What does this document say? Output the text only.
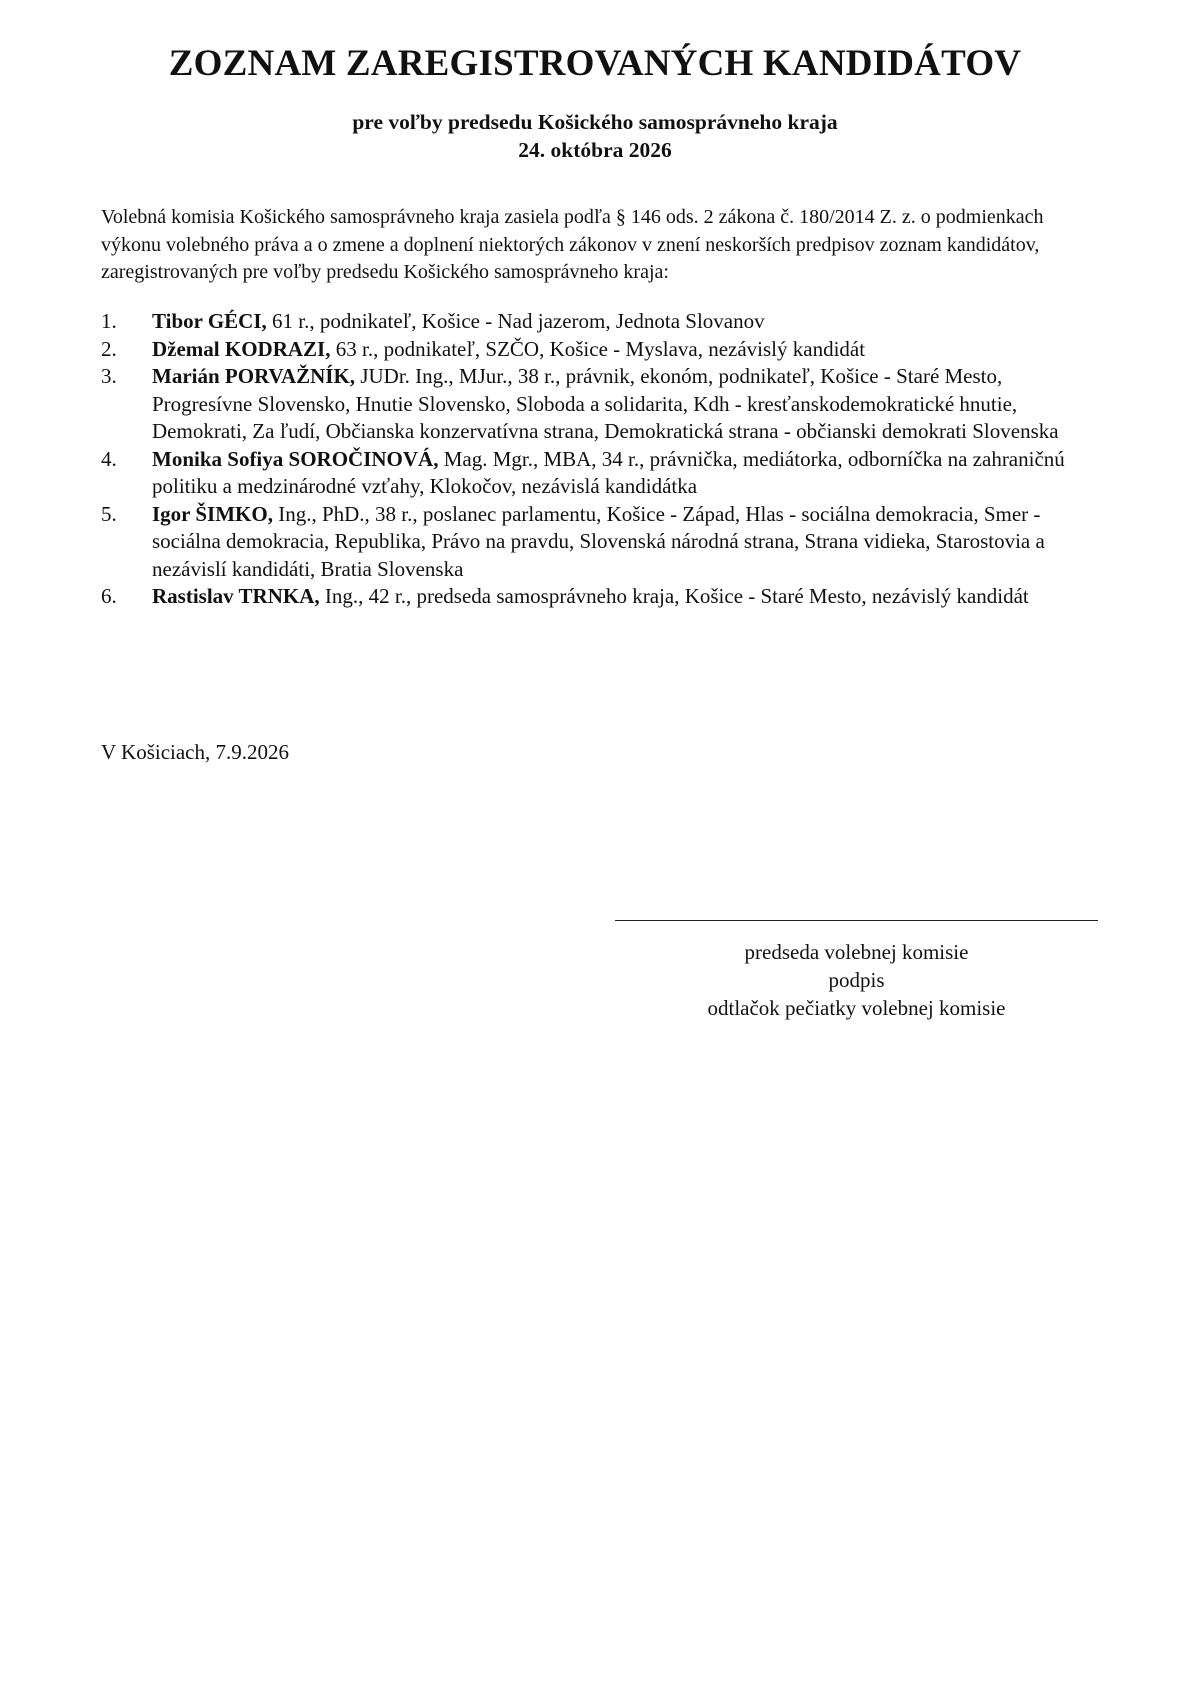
ZOZNAM ZAREGISTROVANÝCH KANDIDÁTOV
pre voľby predsedu Košického samosprávneho kraja
24. októbra 2026

Volebná komisia Košického samosprávneho kraja zasiela podľa § 146 ods. 2 zákona č. 180/2014 Z. z. o podmienkach výkonu volebného práva a o zmene a doplnení niektorých zákonov v znení neskorších predpisov zoznam kandidátov, zaregistrovaných pre voľby predsedu Košického samosprávneho kraja:

1.	Tibor GÉCI, 61 r., podnikateľ, Košice - Nad jazerom, Jednota Slovanov
2.	Džemal KODRAZI, 63 r., podnikateľ, SZČO, Košice - Myslava, nezávislý kandidát
3.	Marián PORVAŽNÍK, JUDr. Ing., MJur., 38 r., právnik, ekonóm, podnikateľ, Košice - Staré Mesto, Progresívne Slovensko, Hnutie Slovensko, Sloboda a solidarita, Kdh - kresťanskodemokratické hnutie, Demokrati, Za ľudí, Občianska konzervatívna strana, Demokratická strana - občianski demokrati Slovenska
4.	Monika Sofiya SOROČINOVÁ, Mag. Mgr., MBA, 34 r., právnička, mediátorka, odborníčka na zahraničnú politiku a medzinárodné vzťahy, Klokočov, nezávislá kandidátka
5.	Igor ŠIMKO, Ing., PhD., 38 r., poslanec parlamentu, Košice - Západ, Hlas - sociálna demokracia, Smer - sociálna demokracia, Republika, Právo na pravdu, Slovenská národná strana, Strana vidieka, Starostovia a nezávislí kandidáti, Bratia Slovenska
6.	Rastislav TRNKA, Ing., 42 r., predseda samosprávneho kraja, Košice - Staré Mesto, nezávislý kandidát
V Košiciach, 7.9.2026
predseda volebnej komisie
podpis
odtlačok pečiatky volebnej komisie
